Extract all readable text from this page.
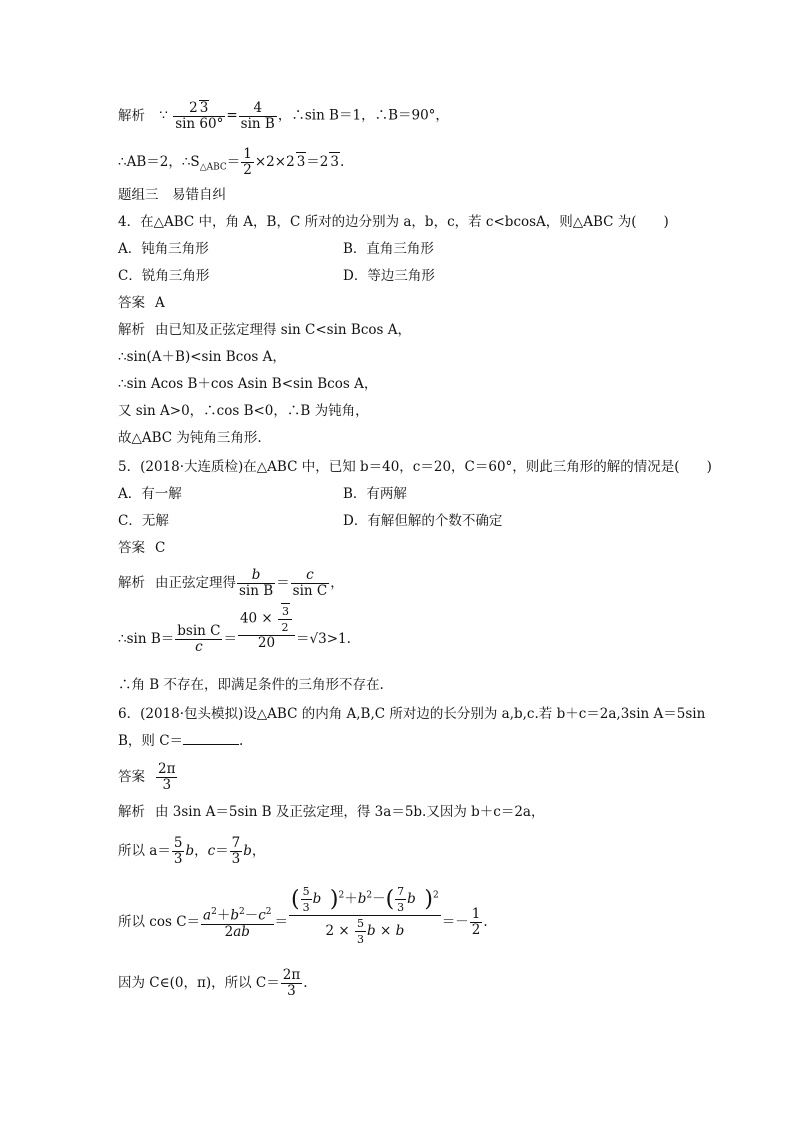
解析 ∵ $\frac{2 3}{\sin 60^\circ} = \frac{4}{\text{sin B}}$ ，∴sin B＝1，∴B＝90°，
∴AB＝2，$\therefore S_{\triangle ABC}= \frac{1}{2} \times 2\times 2$ 3＝2 3.
题组三　易错自纠
4．在△ABC 中，角 A，B，C 所对的边分别为 a，b，c，若 c<bcosA，则△ABC 为(　　)
A．钝角三角形	B．直角三角形
C．锐角三角形	D．等边三角形
答案 A
解析 由已知及正弦定理得 sin C<sin Bcos A，
∴sin(A＋B)<sin Bcos A，
∴sin Acos B＋cos Asin B<sin Bcos A，
又 sin A>0，∴cos B<0，∴B 为钝角，
故△ABC 为钝角三角形.
5．(2018·大连质检)在△ABC 中，已知 b＝40，c＝20，C＝60°，则此三角形的解的情况是(　　)
A．有一解	B．有两解
C．无解	D．有解但解的个数不确定
答案 C
解析 由正弦定理得 $\frac{b}{\text{sin B}} = \frac{c}{\text{sin C}}$ ，
∴sin $B= \frac{\text{bsin C}}{c} = \frac{40 \times \frac{3}{2}}{20} =√3>1$.
∴角 B 不存在，即满足条件的三角形不存在.
6．(2018·包头模拟)设△ABC 的内角 A,B,C 所对边的长分别为 a,b,c.若 b＋c＝2a,3sin A＝5sin
B，则 C＝	.
答案 $\frac{2\pi}{3}$
解析 由 3sin A＝5sin B 及正弦定理，得 3a＝5b.又因为 b＋c＝2a，
所以 $a= \frac{5}{3}$ b，$c= \frac{7}{3}$ b，
所以 $\cos C= \frac{a^2+b^2-c^2}{2ab} = \frac{( \frac{5}{3} b )^2+b^2-( \frac{7}{3} b )^2}{2 \times \frac{5}{3} b \times b} =- \frac{1}{2}$ .
因为 C∈(0，π)，所以 $C= \frac{2\pi}{3}$ .
